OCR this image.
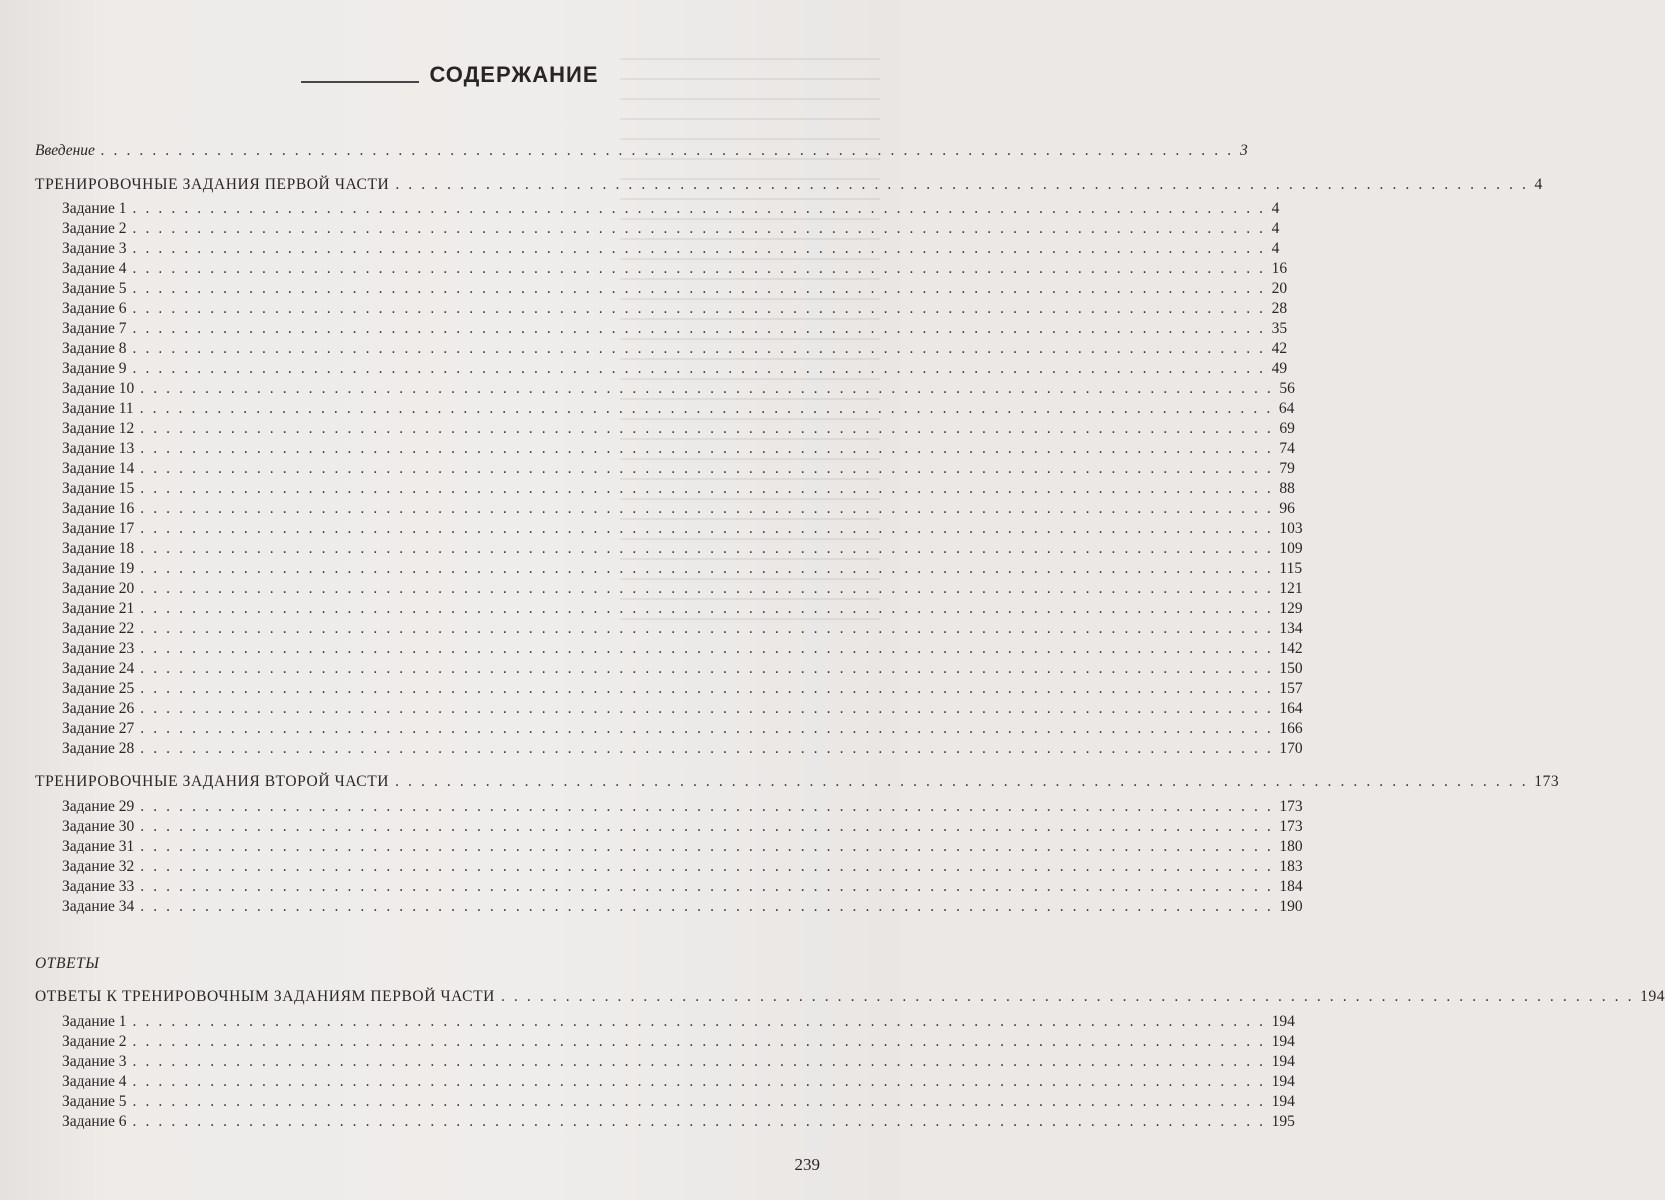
СОДЕРЖАНИЕ
Введение . . . . . . . . . . . . . . . . . . . . . . . . . . . . . . . . . . . . . . . . . . . . . . . . . . . . . . . . . . . . . . . . . . . . . . . . . . . . . . . . . . . . . . . . 3
ТРЕНИРОВОЧНЫЕ ЗАДАНИЯ ПЕРВОЙ ЧАСТИ . . . . . . . . . . . . . . . . . . . . . . . . . . . . . . . . . . . . . . . . . . . . . . . . . . . . . . . . . . . . . . . . . . . . . . . . . . . . . . . . . . . . . . . . 4
Задание 1 . . . . . . . . . . . . . . . . . . . . . . . . . . . . . . . . . . . . . . . . . . . . . . . . . . . . . . . . . . . . . . . . . . . . . . . . . . . . . . . . . . . . . . . . 4
Задание 2 . . . . . . . . . . . . . . . . . . . . . . . . . . . . . . . . . . . . . . . . . . . . . . . . . . . . . . . . . . . . . . . . . . . . . . . . . . . . . . . . . . . . . . . . 4
Задание 3 . . . . . . . . . . . . . . . . . . . . . . . . . . . . . . . . . . . . . . . . . . . . . . . . . . . . . . . . . . . . . . . . . . . . . . . . . . . . . . . . . . . . . . . . 4
Задание 4 . . . . . . . . . . . . . . . . . . . . . . . . . . . . . . . . . . . . . . . . . . . . . . . . . . . . . . . . . . . . . . . . . . . . . . . . . . . . . . . . . . . . . . . . 16
Задание 5 . . . . . . . . . . . . . . . . . . . . . . . . . . . . . . . . . . . . . . . . . . . . . . . . . . . . . . . . . . . . . . . . . . . . . . . . . . . . . . . . . . . . . . . . 20
Задание 6 . . . . . . . . . . . . . . . . . . . . . . . . . . . . . . . . . . . . . . . . . . . . . . . . . . . . . . . . . . . . . . . . . . . . . . . . . . . . . . . . . . . . . . . . 28
Задание 7 . . . . . . . . . . . . . . . . . . . . . . . . . . . . . . . . . . . . . . . . . . . . . . . . . . . . . . . . . . . . . . . . . . . . . . . . . . . . . . . . . . . . . . . . 35
Задание 8 . . . . . . . . . . . . . . . . . . . . . . . . . . . . . . . . . . . . . . . . . . . . . . . . . . . . . . . . . . . . . . . . . . . . . . . . . . . . . . . . . . . . . . . . 42
Задание 9 . . . . . . . . . . . . . . . . . . . . . . . . . . . . . . . . . . . . . . . . . . . . . . . . . . . . . . . . . . . . . . . . . . . . . . . . . . . . . . . . . . . . . . . . 49
Задание 10 . . . . . . . . . . . . . . . . . . . . . . . . . . . . . . . . . . . . . . . . . . . . . . . . . . . . . . . . . . . . . . . . . . . . . . . . . . . . . . . . . . . . . . . . 56
Задание 11 . . . . . . . . . . . . . . . . . . . . . . . . . . . . . . . . . . . . . . . . . . . . . . . . . . . . . . . . . . . . . . . . . . . . . . . . . . . . . . . . . . . . . . . . 64
Задание 12 . . . . . . . . . . . . . . . . . . . . . . . . . . . . . . . . . . . . . . . . . . . . . . . . . . . . . . . . . . . . . . . . . . . . . . . . . . . . . . . . . . . . . . . . 69
Задание 13 . . . . . . . . . . . . . . . . . . . . . . . . . . . . . . . . . . . . . . . . . . . . . . . . . . . . . . . . . . . . . . . . . . . . . . . . . . . . . . . . . . . . . . . . 74
Задание 14 . . . . . . . . . . . . . . . . . . . . . . . . . . . . . . . . . . . . . . . . . . . . . . . . . . . . . . . . . . . . . . . . . . . . . . . . . . . . . . . . . . . . . . . . 79
Задание 15 . . . . . . . . . . . . . . . . . . . . . . . . . . . . . . . . . . . . . . . . . . . . . . . . . . . . . . . . . . . . . . . . . . . . . . . . . . . . . . . . . . . . . . . . 88
Задание 16 . . . . . . . . . . . . . . . . . . . . . . . . . . . . . . . . . . . . . . . . . . . . . . . . . . . . . . . . . . . . . . . . . . . . . . . . . . . . . . . . . . . . . . . . 96
Задание 17 . . . . . . . . . . . . . . . . . . . . . . . . . . . . . . . . . . . . . . . . . . . . . . . . . . . . . . . . . . . . . . . . . . . . . . . . . . . . . . . . . . . . . . . . 103
Задание 18 . . . . . . . . . . . . . . . . . . . . . . . . . . . . . . . . . . . . . . . . . . . . . . . . . . . . . . . . . . . . . . . . . . . . . . . . . . . . . . . . . . . . . . . . 109
Задание 19 . . . . . . . . . . . . . . . . . . . . . . . . . . . . . . . . . . . . . . . . . . . . . . . . . . . . . . . . . . . . . . . . . . . . . . . . . . . . . . . . . . . . . . . . 115
Задание 20 . . . . . . . . . . . . . . . . . . . . . . . . . . . . . . . . . . . . . . . . . . . . . . . . . . . . . . . . . . . . . . . . . . . . . . . . . . . . . . . . . . . . . . . . 121
Задание 21 . . . . . . . . . . . . . . . . . . . . . . . . . . . . . . . . . . . . . . . . . . . . . . . . . . . . . . . . . . . . . . . . . . . . . . . . . . . . . . . . . . . . . . . . 129
Задание 22 . . . . . . . . . . . . . . . . . . . . . . . . . . . . . . . . . . . . . . . . . . . . . . . . . . . . . . . . . . . . . . . . . . . . . . . . . . . . . . . . . . . . . . . . 134
Задание 23 . . . . . . . . . . . . . . . . . . . . . . . . . . . . . . . . . . . . . . . . . . . . . . . . . . . . . . . . . . . . . . . . . . . . . . . . . . . . . . . . . . . . . . . . 142
Задание 24 . . . . . . . . . . . . . . . . . . . . . . . . . . . . . . . . . . . . . . . . . . . . . . . . . . . . . . . . . . . . . . . . . . . . . . . . . . . . . . . . . . . . . . . . 150
Задание 25 . . . . . . . . . . . . . . . . . . . . . . . . . . . . . . . . . . . . . . . . . . . . . . . . . . . . . . . . . . . . . . . . . . . . . . . . . . . . . . . . . . . . . . . . 157
Задание 26 . . . . . . . . . . . . . . . . . . . . . . . . . . . . . . . . . . . . . . . . . . . . . . . . . . . . . . . . . . . . . . . . . . . . . . . . . . . . . . . . . . . . . . . . 164
Задание 27 . . . . . . . . . . . . . . . . . . . . . . . . . . . . . . . . . . . . . . . . . . . . . . . . . . . . . . . . . . . . . . . . . . . . . . . . . . . . . . . . . . . . . . . . 166
Задание 28 . . . . . . . . . . . . . . . . . . . . . . . . . . . . . . . . . . . . . . . . . . . . . . . . . . . . . . . . . . . . . . . . . . . . . . . . . . . . . . . . . . . . . . . . 170
ТРЕНИРОВОЧНЫЕ ЗАДАНИЯ ВТОРОЙ ЧАСТИ . . . . . . . . . . . . . . . . . . . . . . . . . . . . . . . . . . . . . . . . . . . . . . . . . . . . . . . . . . . . . . . . . . . . . . . . . . . . . . . . . . . . . . . . 173
Задание 29 . . . . . . . . . . . . . . . . . . . . . . . . . . . . . . . . . . . . . . . . . . . . . . . . . . . . . . . . . . . . . . . . . . . . . . . . . . . . . . . . . . . . . . . . 173
Задание 30 . . . . . . . . . . . . . . . . . . . . . . . . . . . . . . . . . . . . . . . . . . . . . . . . . . . . . . . . . . . . . . . . . . . . . . . . . . . . . . . . . . . . . . . . 173
Задание 31 . . . . . . . . . . . . . . . . . . . . . . . . . . . . . . . . . . . . . . . . . . . . . . . . . . . . . . . . . . . . . . . . . . . . . . . . . . . . . . . . . . . . . . . . 180
Задание 32 . . . . . . . . . . . . . . . . . . . . . . . . . . . . . . . . . . . . . . . . . . . . . . . . . . . . . . . . . . . . . . . . . . . . . . . . . . . . . . . . . . . . . . . . 183
Задание 33 . . . . . . . . . . . . . . . . . . . . . . . . . . . . . . . . . . . . . . . . . . . . . . . . . . . . . . . . . . . . . . . . . . . . . . . . . . . . . . . . . . . . . . . . 184
Задание 34 . . . . . . . . . . . . . . . . . . . . . . . . . . . . . . . . . . . . . . . . . . . . . . . . . . . . . . . . . . . . . . . . . . . . . . . . . . . . . . . . . . . . . . . . 190
ОТВЕТЫ К ТРЕНИРОВОЧНЫМ ЗАДАНИЯМ ПЕРВОЙ ЧАСТИ . . . . . . . . . . . . . . . . . . . . . . . . . . . . . . . . . . . . . . . . . . . . . . . . . . . . . . . . . . . . . . . . . . . . . . . . . . . . . . . . . . . . . . . . 194
Задание 1 . . . . . . . . . . . . . . . . . . . . . . . . . . . . . . . . . . . . . . . . . . . . . . . . . . . . . . . . . . . . . . . . . . . . . . . . . . . . . . . . . . . . . . . . 194
Задание 2 . . . . . . . . . . . . . . . . . . . . . . . . . . . . . . . . . . . . . . . . . . . . . . . . . . . . . . . . . . . . . . . . . . . . . . . . . . . . . . . . . . . . . . . . 194
Задание 3 . . . . . . . . . . . . . . . . . . . . . . . . . . . . . . . . . . . . . . . . . . . . . . . . . . . . . . . . . . . . . . . . . . . . . . . . . . . . . . . . . . . . . . . . 194
Задание 4 . . . . . . . . . . . . . . . . . . . . . . . . . . . . . . . . . . . . . . . . . . . . . . . . . . . . . . . . . . . . . . . . . . . . . . . . . . . . . . . . . . . . . . . . 194
Задание 5 . . . . . . . . . . . . . . . . . . . . . . . . . . . . . . . . . . . . . . . . . . . . . . . . . . . . . . . . . . . . . . . . . . . . . . . . . . . . . . . . . . . . . . . . 194
Задание 6 . . . . . . . . . . . . . . . . . . . . . . . . . . . . . . . . . . . . . . . . . . . . . . . . . . . . . . . . . . . . . . . . . . . . . . . . . . . . . . . . . . . . . . . . 195
ОТВЕТЫ
239
